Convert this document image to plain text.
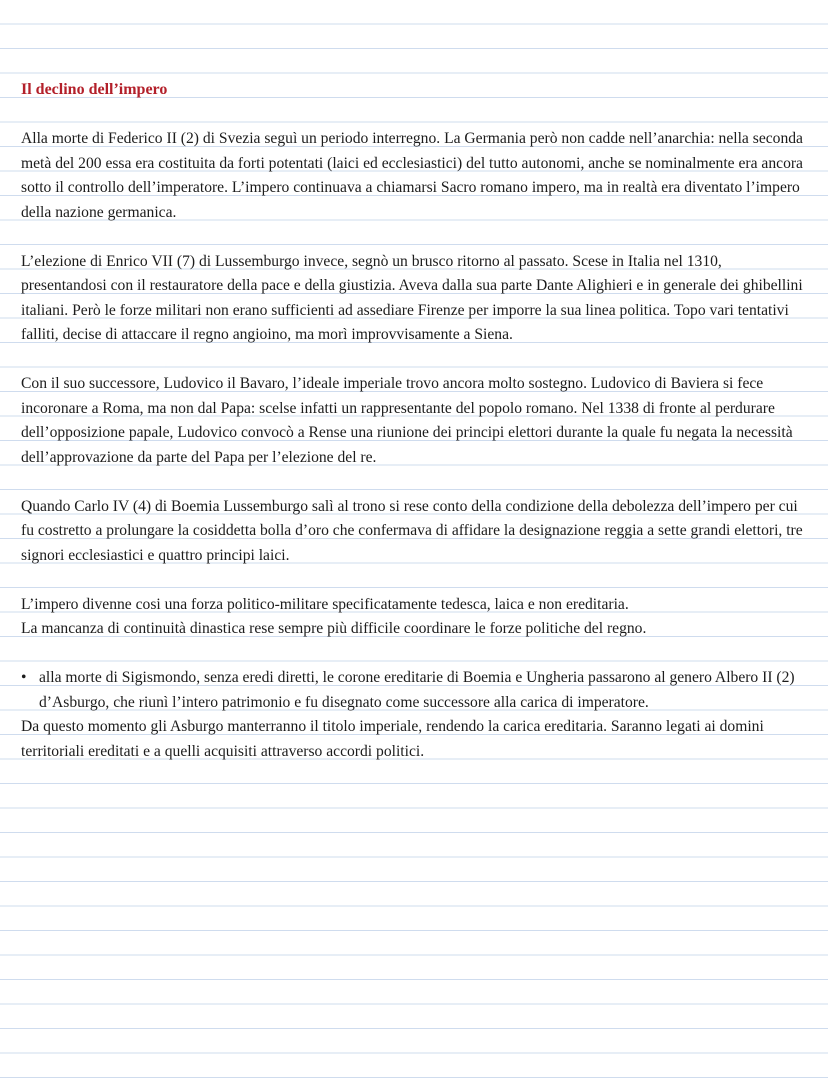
Il declino dell’impero

Alla morte di Federico II (2) di Svezia seguì un periodo interregno. La Germania però non cadde nell’anarchia: nella seconda metà del 200 essa era costituita da forti potentati (laici ed ecclesiastici) del tutto autonomi, anche se nominalmente era ancora sotto il controllo dell’imperatore. L’impero continuava a chiamarsi Sacro romano impero, ma in realtà era diventato l’impero della nazione germanica.

L’elezione di Enrico VII (7) di Lussemburgo invece, segnò un brusco ritorno al passato. Scese in Italia nel 1310, presentandosi con il restauratore della pace e della giustizia. Aveva dalla sua parte Dante Alighieri e in generale dei ghibellini italiani. Però le forze militari non erano sufficienti ad assediare Firenze per imporre la sua linea politica. Topo vari tentativi falliti, decise di attaccare il regno angioino, ma morì improvvisamente a Siena.

Con il suo successore, Ludovico il Bavaro, l’ideale imperiale trovo ancora molto sostegno. Ludovico di Baviera si fece incoronare a Roma, ma non dal Papa: scelse infatti un rappresentante del popolo romano. Nel 1338 di fronte al perdurare dell’opposizione papale, Ludovico convocò a Rense una riunione dei principi elettori durante la quale fu negata la necessità dell’approvazione da parte del Papa per l’elezione del re.

Quando Carlo IV (4) di Boemia Lussemburgo salì al trono si rese conto della condizione della debolezza dell’impero per cui fu costretto a prolungare la cosiddetta bolla d’oro che confermava di affidare la designazione reggia a sette grandi elettori, tre signori ecclesiastici e quattro principi laici.

L’impero divenne cosi una forza politico-militare specificatamente tedesca, laica e non ereditaria.

La mancanza di continuità dinastica rese sempre più difficile coordinare le forze politiche del regno.

• alla morte di Sigismondo, senza eredi diretti, le corone ereditarie di Boemia e Ungheria passarono al genero Albero II (2) d’Asburgo, che riunì l’intero patrimonio e fu disegnato come successore alla carica di imperatore.

Da questo momento gli Asburgo manterranno il titolo imperiale, rendendo la carica ereditaria. Saranno legati ai domini territoriali ereditati e a quelli acquisiti attraverso accordi politici.
